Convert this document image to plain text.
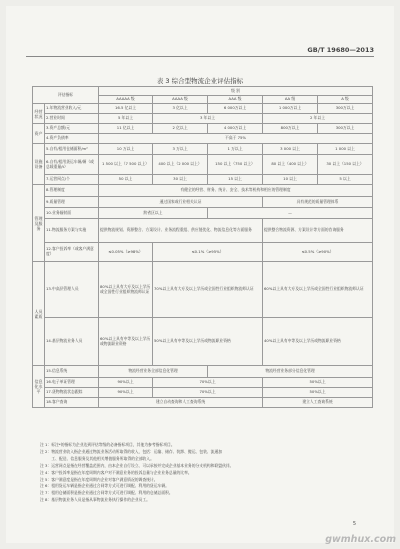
GB/T 19680—2013
表 3 综合型物流企业评估指标
评估指标		级 别				
		AAAAA 级	AAAA 级	AAA 级	AA 级	A 级
经营状况	1.年物流营业收入/元	16.5 亿以上	3 亿以上	6 000万以上	1 000万以上	300万以上
	2.营业时间	5 年以上	3 年以上		2 年以上	
资产	3.资产总额/元	11 亿以上	2 亿以上	4 000万以上	800万以上	300万以上
	4.资产负债率	不高于 75%				
设施设备	5.自有/租用仓储面积/m²	10 万以上	3 万以上	1 万以上	3 000 以上	1 000 以上
	6.自有/租用货运车辆/辆（或总载重量/t）	1 500 以上（7 500 以上）	400 以上（2 000 以上）	150 以上（750 以上）	80 以上（400 以上）	30 以上（150 以上）
	7.运营网点/个	50 以上	30 以上	15 以上	10 以上	5 以上
管理及服务	8.管理制度	有健全的经营、财务、统计、安全、技术等机构和相应的管理制度				
	9.质量管理	通过国家或行业相关认证			具有规范的质量管理体系	
	10.业务辐射面	跨省区以上		—		
	11.物流服务方案与实施	提供物流规划、资源整合、方案设计、业务流程重组、供应链优化、物流信息化等方面服务			提供整合物流资源、方案设计等方面的咨询服务	
	12.客户投诉率（或客户满意度）	≤0.05%（≥98%）	≤0.1%（≥95%）		≤0.5%（≥90%）	
人员素质	13.中高层管理人员	80%以上具有大专及以上学历或全国性行业组织物流师认证	70%以上具有大专及以上学历或全国性行业组织物流师认证		60%以上具有大专及以上学历或全国性行业组织物流师认证	
	14.基层物流业务人员	60%以上具有中等及以上学历或物流职业资格	50%以上具有中等及以上学历或物流职业资格		40%以上具有中等及以上学历或物流职业资格	
信息化水平	15.信息系统	物流经营业务全部信息化管理		物流经营业务部分信息化管理		
	16.电子单证管理	90%以上	70%以上		50%以上	
	17.货物物流状态跟踪	90%以上	70%以上		50%以上	
	18.客户查询	建立自动查询和人工查询系统			建立人工查询系统	
注 1：标注*的指标为企业达到评估等级的必备指标项目，其他为参考指标项目。
注 2：物流营业收入指企业通过物流业务活动所取得的收入，包括：运输、储存、装卸、搬运、包装、流通加
　　　工、配送、信息服务及其他相关增值服务所取得的全部收入。
注 3：运营网点是指在经营覆盖范围内，由本企业自行设立、可以承接并完成企业基本业务的分支机构和联盟伙伴。
注 4：客户投诉率是指在年度周期内客户对不满意业务的投诉总量与企业业务总量的比率。
注 5：客户满意度是指在年度周期内企业对客户满意情况的调查统计。
注 6：租用货运车辆是指企业通过合同等方式可进行调配、利用的货运车辆。
注 7：租用仓储面积是指企业通过合同等方式可进行调配、利用的仓储总面积。
注 8：基层物流业务人员是指从事物流业务执行操作的企业员工。
5
gwmhux.com
